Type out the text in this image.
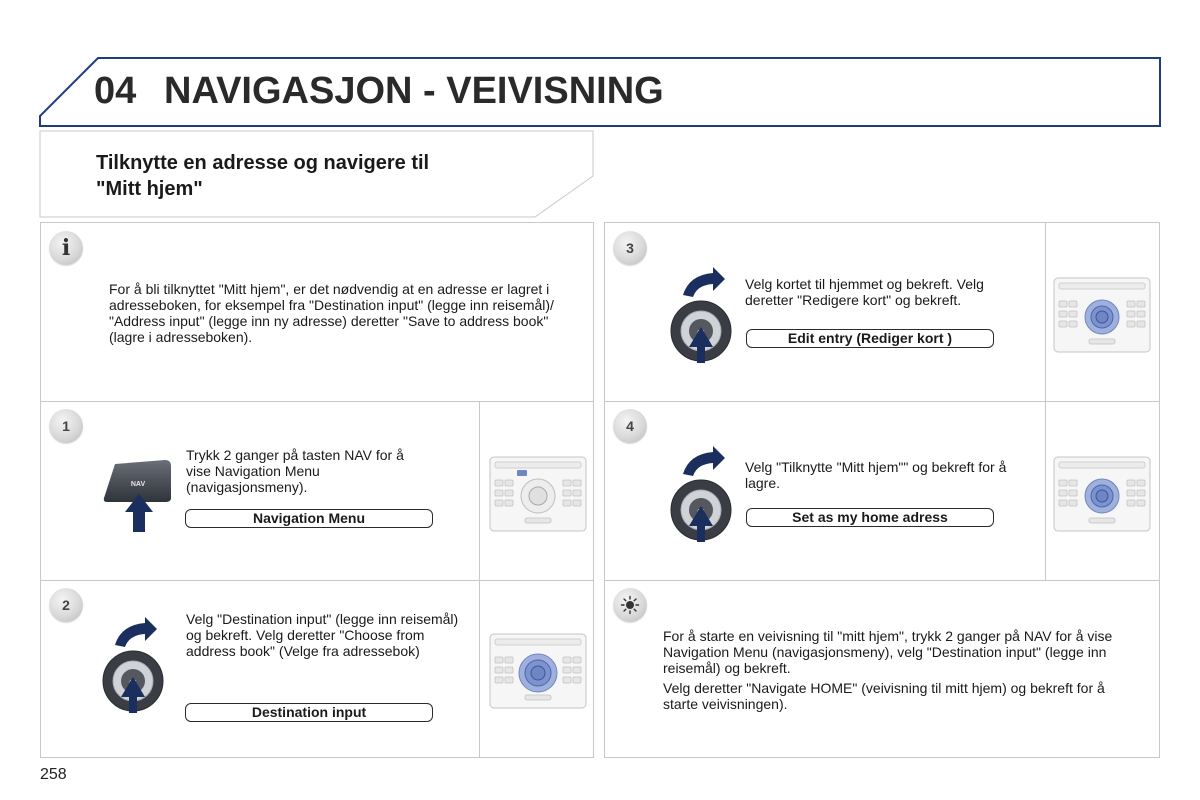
04 NAVIGASJON - VEIVISNING
Tilknytte en adresse og navigere til
"Mitt hjem"
i

For å bli tilknyttet "Mitt hjem", er det nødvendig at en adresse er lagret i adresseboken, for eksempel fra "Destination input" (legge inn reisemål)/ "Address input" (legge inn ny adresse) deretter "Save to address book" (lagre i adresseboken).

1
NAV

Trykk 2 ganger på tasten NAV for å vise Navigation Menu (navigasjonsmeny).

Navigation Menu
2

Velg "Destination input" (legge inn reisemål) og bekreft. Velg deretter "Choose from address book" (Velge fra adressebok)

Destination input
3

Velg kortet til hjemmet og bekreft. Velg deretter "Redigere kort" og bekreft.

Edit entry (Rediger kort )
4

Velg "Tilknytte "Mitt hjem"" og bekreft for å lagre.

Set as my home adress

For å starte en veivisning til "mitt hjem", trykk 2 ganger på NAV for å vise Navigation Menu (navigasjonsmeny), velg "Destination input" (legge inn reisemål) og bekreft.

Velg deretter "Navigate HOME" (veivisning til mitt hjem) og bekreft for å starte veivisningen).

258
